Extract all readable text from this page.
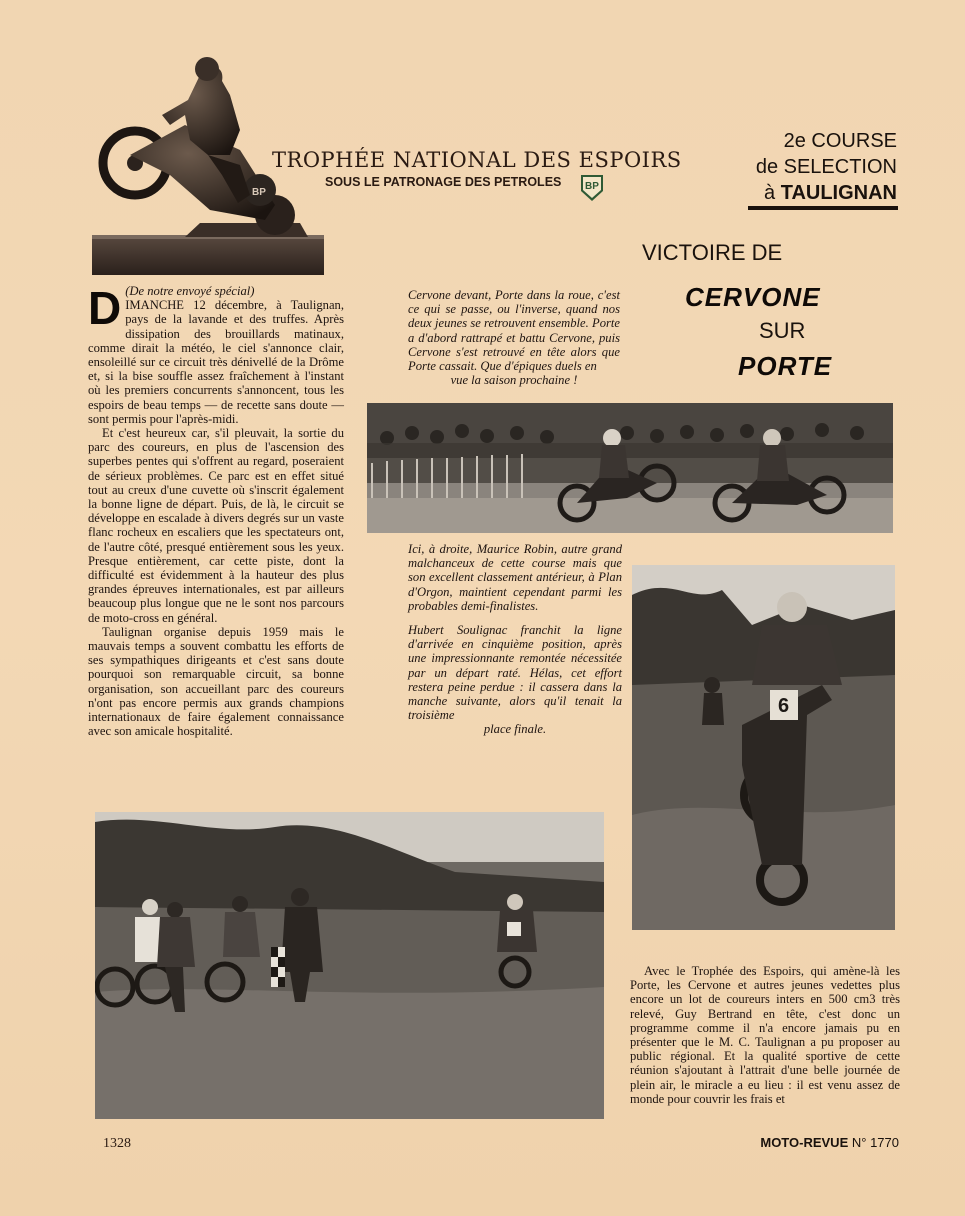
BP
TROPHÉE NATIONAL DES ESPOIRS
SOUS LE PATRONAGE DES PETROLES BP
2e COURSE
de SELECTION
à TAULIGNAN
VICTOIRE DE
CERVONE
SUR
PORTE

D (De notre envoyé spécial)
IMANCHE 12 décembre, à Taulignan, pays de la lavande et des truffes. Après dissipation des brouillards matinaux, comme dirait la météo, le ciel s'annonce clair, ensoleillé sur ce circuit très dénivellé de la Drôme et, si la bise souffle assez fraîchement à l'instant où les premiers concurrents s'annoncent, tous les espoirs de beau temps — de recette sans doute — sont permis pour l'après-midi.

Et c'est heureux car, s'il pleuvait, la sortie du parc des coureurs, en plus de l'ascension des superbes pentes qui s'offrent au regard, poseraient de sérieux problèmes. Ce parc est en effet situé tout au creux d'une cuvette où s'inscrit également la bonne ligne de départ. Puis, de là, le circuit se développe en escalade à divers degrés sur un vaste flanc rocheux en escaliers que les spectateurs ont, de l'autre côté, presqué entièrement sous les yeux. Presque entièrement, car cette piste, dont la difficulté est évidemment à la hauteur des plus grandes épreuves internationales, est par ailleurs beaucoup plus longue que ne le sont nos parcours de moto-cross en général.

Taulignan organise depuis 1959 mais le mauvais temps a souvent combattu les efforts de ses sympathiques dirigeants et c'est sans doute pourquoi son remarquable circuit, sa bonne organisation, son accueillant parc des coureurs n'ont pas encore permis aux grands champions internationaux de faire également connaissance avec son amicale hospitalité.

Cervone devant, Porte dans la roue, c'est ce qui se passe, ou l'inverse, quand nos deux jeunes se retrouvent ensemble. Porte a d'abord rattrapé et battu Cervone, puis Cervone s'est retrouvé en tête alors que Porte cassait. Que d'épiques duels en
vue la saison prochaine !

Ici, à droite, Maurice Robin, autre grand malchanceux de cette course mais que son excellent classement antérieur, à Plan d'Orgon, maintient cependant parmi les probables demi-finalistes.

Hubert Soulignac franchit la ligne d'arrivée en cinquième position, après une impressionnante remontée nécessitée par un départ raté. Hélas, cet effort restera peine perdue : il cassera dans la manche suivante, alors qu'il tenait la troisième

place finale.

6

Avec le Trophée des Espoirs, qui amène-là les Porte, les Cervone et autres jeunes vedettes plus encore un lot de coureurs inters en 500 cm3 très relevé, Guy Bertrand en tête, c'est donc un programme comme il n'a encore jamais pu en présenter que le M. C. Taulignan a pu proposer au public régional. Et la qualité sportive de cette réunion s'ajoutant à l'attrait d'une belle journée de plein air, le miracle a eu lieu : il est venu assez de monde pour couvrir les frais et

1328	MOTO-REVUE N° 1770
